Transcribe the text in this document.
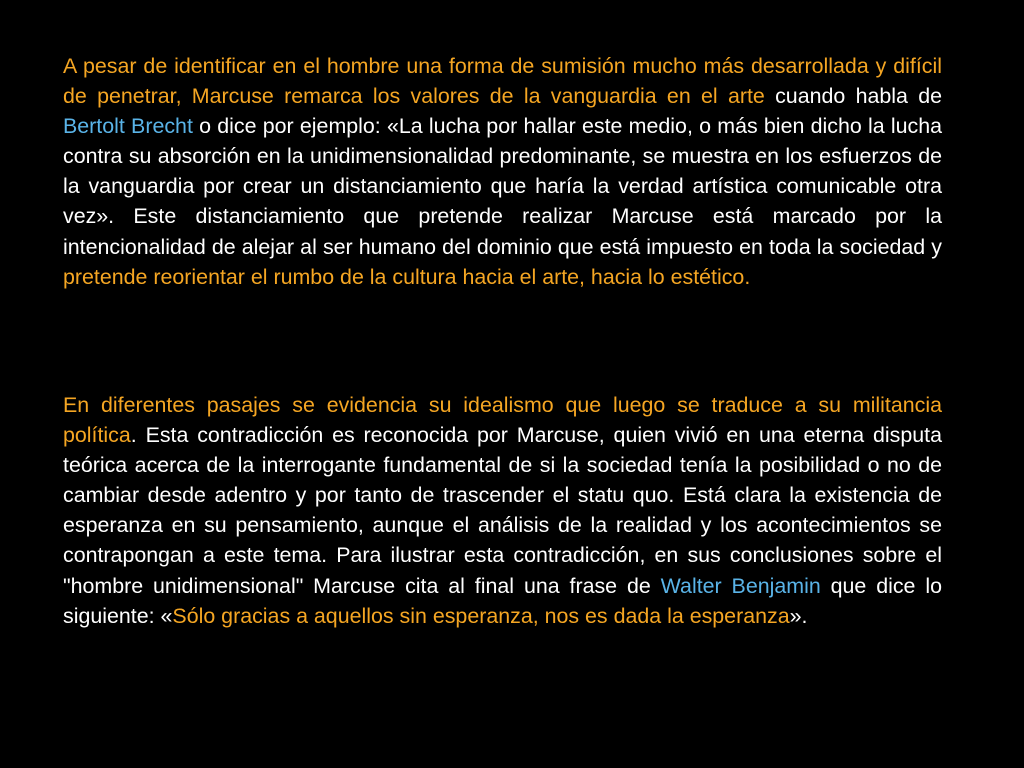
A pesar de identificar en el hombre una forma de sumisión mucho más desarrollada y difícil de penetrar, Marcuse remarca los valores de la vanguardia en el arte cuando habla de Bertolt Brecht o dice por ejemplo: «La lucha por hallar este medio, o más bien dicho la lucha contra su absorción en la unidimensionalidad predominante, se muestra en los esfuerzos de la vanguardia por crear un distanciamiento que haría la verdad artística comunicable otra vez». Este distanciamiento que pretende realizar Marcuse está marcado por la intencionalidad de alejar al ser humano del dominio que está impuesto en toda la sociedad y pretende reorientar el rumbo de la cultura hacia el arte, hacia lo estético.

En diferentes pasajes se evidencia su idealismo que luego se traduce a su militancia política. Esta contradicción es reconocida por Marcuse, quien vivió en una eterna disputa teórica acerca de la interrogante fundamental de si la sociedad tenía la posibilidad o no de cambiar desde adentro y por tanto de trascender el statu quo. Está clara la existencia de esperanza en su pensamiento, aunque el análisis de la realidad y los acontecimientos se contrapongan a este tema. Para ilustrar esta contradicción, en sus conclusiones sobre el "hombre unidimensional" Marcuse cita al final una frase de Walter Benjamin que dice lo siguiente: «Sólo gracias a aquellos sin esperanza, nos es dada la esperanza».
